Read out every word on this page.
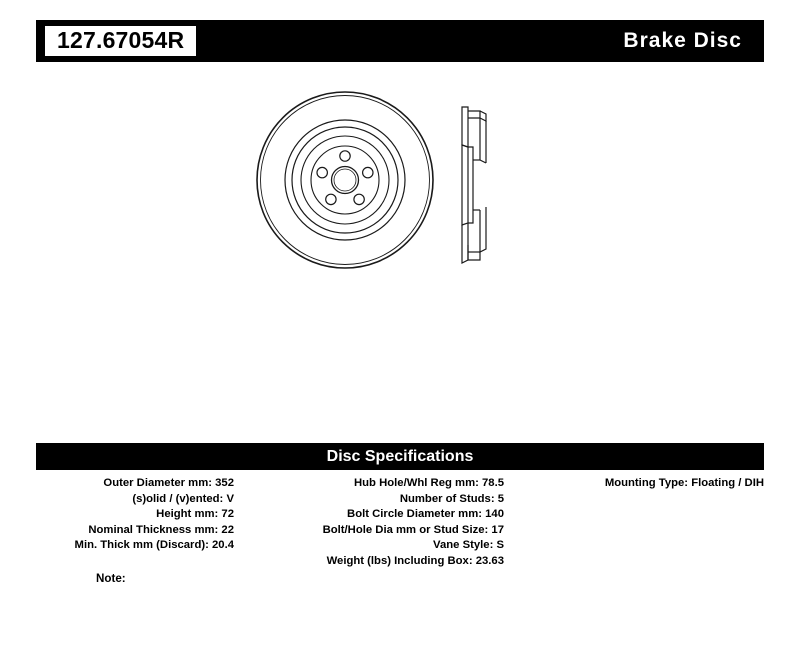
127.67054R	Brake Disc
Disc Specifications
Outer Diameter mm: 352
(s)olid / (v)ented: V
Height mm: 72
Nominal Thickness mm: 22
Min. Thick mm (Discard): 20.4
Hub Hole/Whl Reg mm: 78.5
Number of Studs: 5
Bolt Circle Diameter mm: 140
Bolt/Hole Dia mm or Stud Size: 17
Vane Style: S
Weight (lbs) Including Box: 23.63
Mounting Type: Floating / DIH
Note:
